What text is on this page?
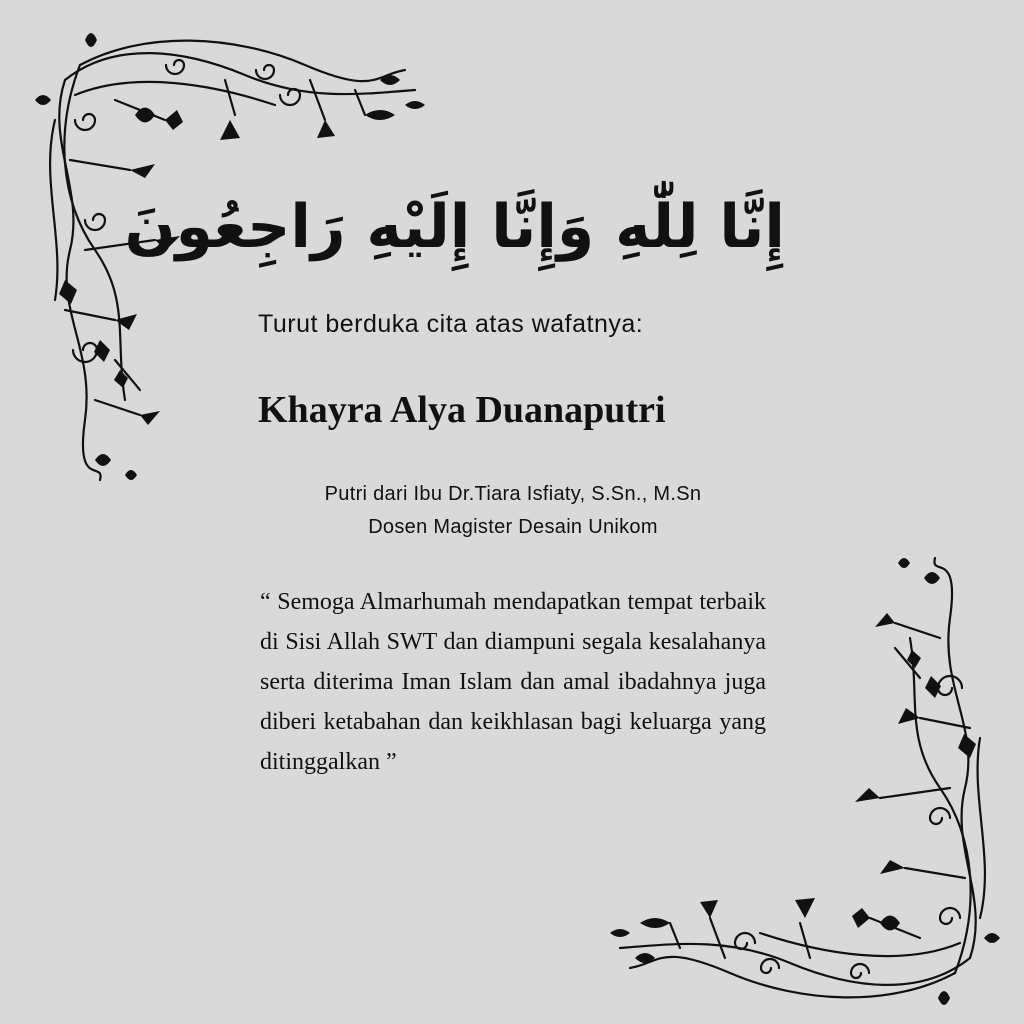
إِنَّا لِلّٰهِ وَإِنَّا إِلَيْهِ رَاجِعُونَ
Turut berduka cita atas wafatnya:
Khayra Alya Duanaputri
Putri dari Ibu Dr.Tiara Isfiaty, S.Sn., M.Sn
Dosen Magister Desain Unikom
“ Semoga Almarhumah mendapatkan tempat terbaik di Sisi Allah SWT dan diampuni segala kesalahanya serta diterima Iman Islam dan amal ibadahnya juga diberi ketabahan dan keikhlasan bagi keluarga yang ditinggalkan ”
